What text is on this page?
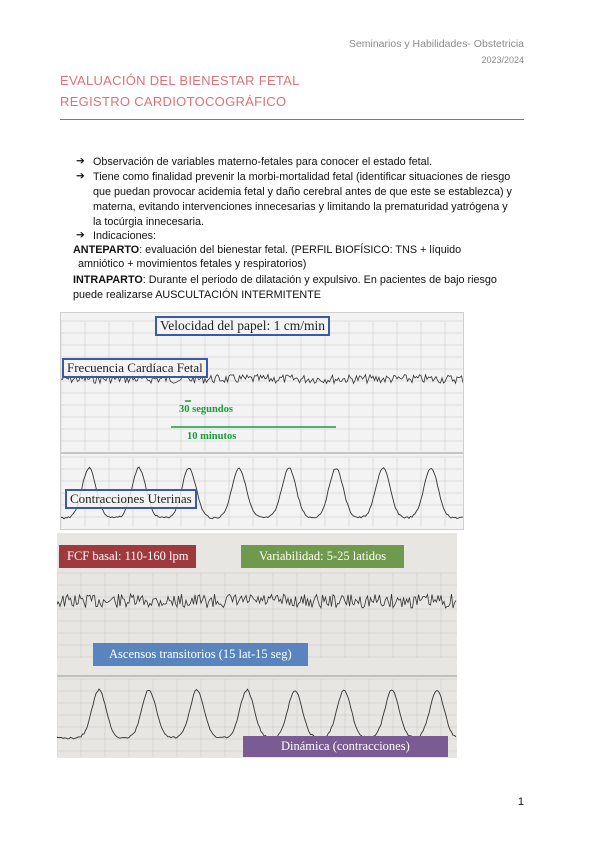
Seminarios y Habilidades- Obstetricia
2023/2024
EVALUACIÓN DEL BIENESTAR FETAL
REGISTRO CARDIOTOCOGRÁFICO
➔ Observación de variables materno-fetales para conocer el estado fetal.
➔ Tiene como finalidad prevenir la morbi-mortalidad fetal (identificar situaciones de riesgo
que puedan provocar acidemia fetal y daño cerebral antes de que este se establezca) y
materna, evitando intervenciones innecesarias y limitando la prematuridad yatrógena y
la tocúrgia innecesaria.
➔ Indicaciones:
ANTEPARTO: evaluación del bienestar fetal. (PERFIL BIOFÍSICO: TNS + líquido
amniótico + movimientos fetales y respiratorios)
INTRAPARTO: Durante el periodo de dilatación y expulsivo. En pacientes de bajo riesgo
puede realizarse AUSCULTACIÓN INTERMITENTE
Velocidad del papel: 1 cm/min
Frecuencia Cardíaca Fetal
30 segundos
10 minutos
Contracciones Uterinas
FCF basal: 110-160 lpm	Variabilidad: 5-25 latidos
Ascensos transitorios (15 lat-15 seg)
Dinámica (contracciones)
1
